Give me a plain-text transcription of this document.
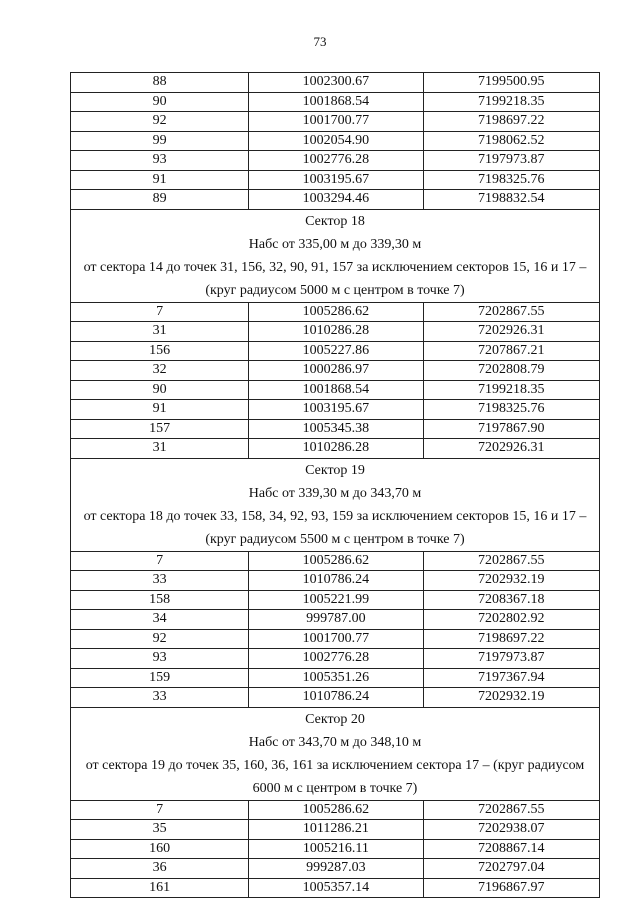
73
88	1002300.67	7199500.95
90	1001868.54	7199218.35
92	1001700.77	7198697.22
99	1002054.90	7198062.52
93	1002776.28	7197973.87
91	1003195.67	7198325.76
89	1003294.46	7198832.54

Сектор 18
Набс от 335,00 м до 339,30 м
от сектора 14 до точек 31, 156, 32, 90, 91, 157 за исключением секторов 15, 16 и 17 –
(круг радиусом 5000 м с центром в точке 7)		

7	1005286.62	7202867.55
31	1010286.28	7202926.31
156	1005227.86	7207867.21
32	1000286.97	7202808.79
90	1001868.54	7199218.35
91	1003195.67	7198325.76
157	1005345.38	7197867.90
31	1010286.28	7202926.31

Сектор 19
Набс от 339,30 м до 343,70 м
от сектора 18 до точек 33, 158, 34, 92, 93, 159 за исключением секторов 15, 16 и 17 –
(круг радиусом 5500 м с центром в точке 7)		

7	1005286.62	7202867.55
33	1010786.24	7202932.19
158	1005221.99	7208367.18
34	999787.00	7202802.92
92	1001700.77	7198697.22
93	1002776.28	7197973.87
159	1005351.26	7197367.94
33	1010786.24	7202932.19

Сектор 20
Набс от 343,70 м до 348,10 м
от сектора 19 до точек 35, 160, 36, 161 за исключением сектора 17 – (круг радиусом
6000 м с центром в точке 7)		

7	1005286.62	7202867.55
35	1011286.21	7202938.07
160	1005216.11	7208867.14
36	999287.03	7202797.04
161	1005357.14	7196867.97
